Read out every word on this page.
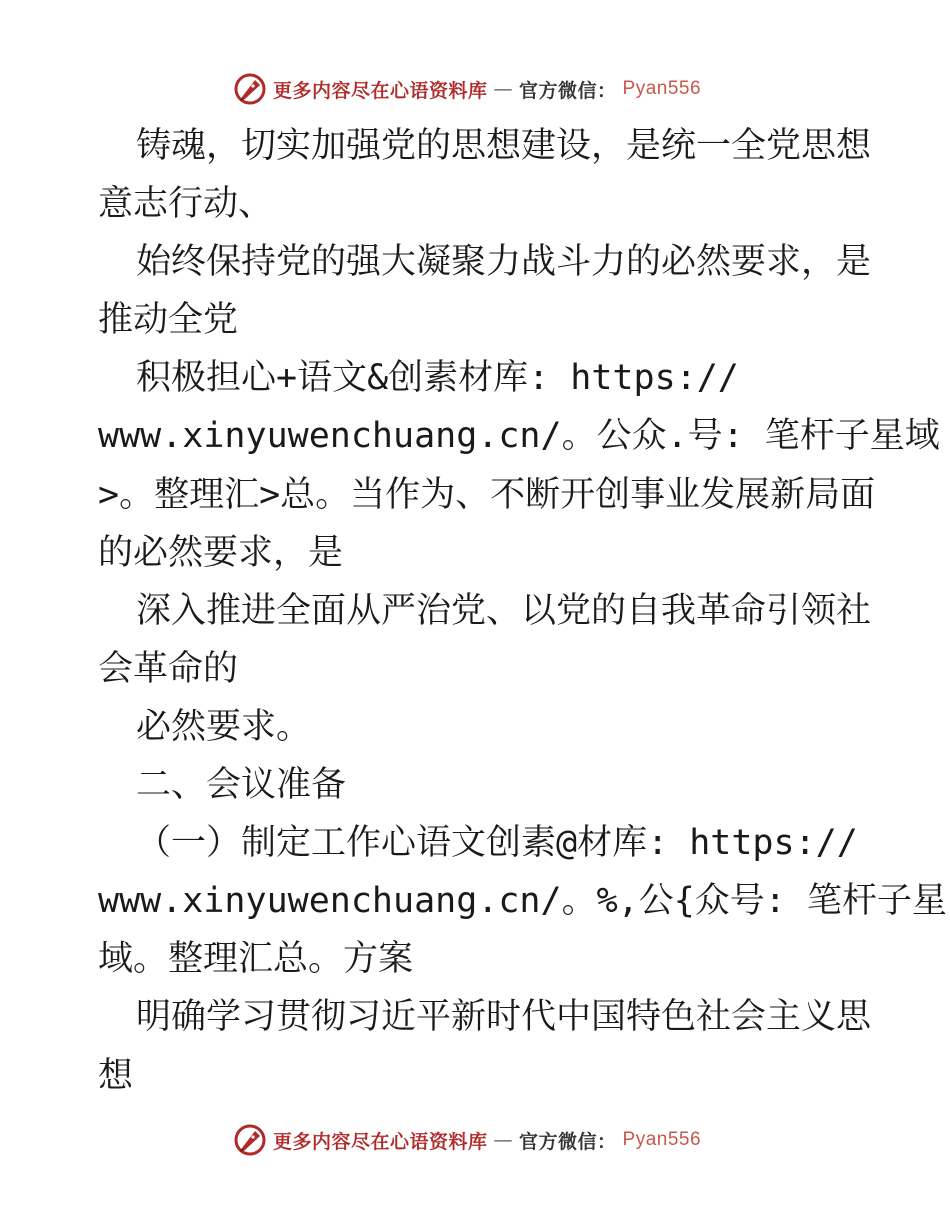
更多内容尽在心语资料库 — 官方微信： Pyan556
铸魂，切实加强党的思想建设，是统一全党思想
意志行动、
始终保持党的强大凝聚力战斗力的必然要求，是
推动全党
积极担心+语文&创素材库: https://
www.xinyuwenchuang.cn/。公众.号: 笔杆子星域
>。整理汇>总。当作为、不断开创事业发展新局面
的必然要求，是
深入推进全面从严治党、以党的自我革命引领社
会革命的
必然要求。
二、会议准备
（一）制定工作心语文创素@材库: https://
www.xinyuwenchuang.cn/。%,公{众号: 笔杆子星
域。整理汇总。方案
明确学习贯彻习近平新时代中国特色社会主义思
想
更多内容尽在心语资料库 — 官方微信： Pyan556
